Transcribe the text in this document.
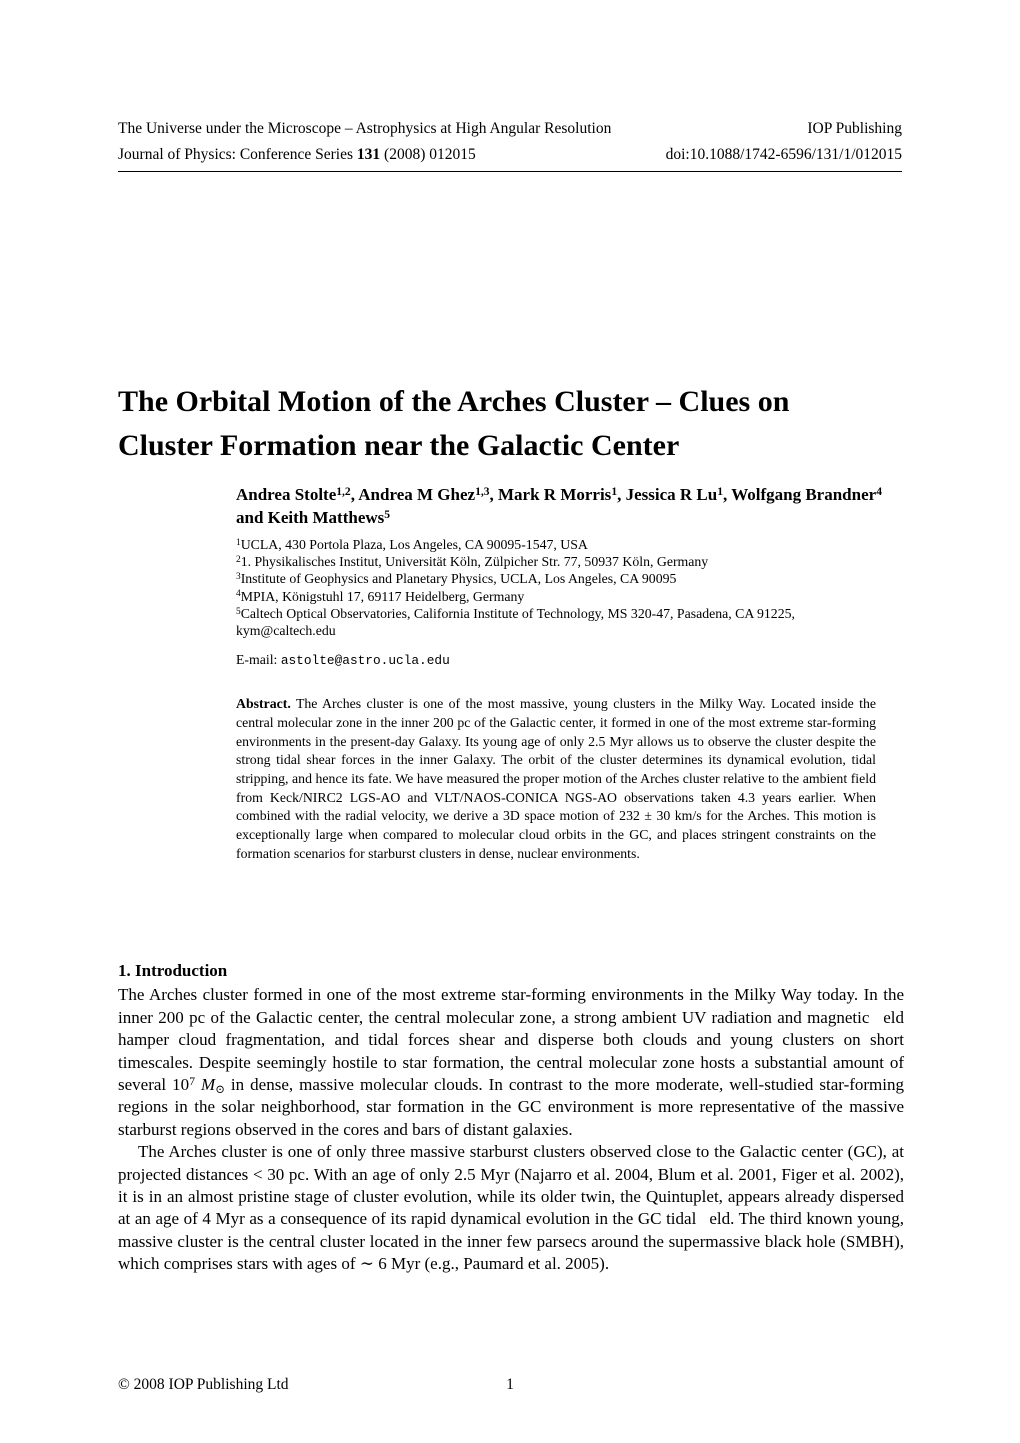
The Universe under the Microscope – Astrophysics at High Angular Resolution	IOP Publishing
Journal of Physics: Conference Series 131 (2008) 012015	doi:10.1088/1742-6596/131/1/012015
The Orbital Motion of the Arches Cluster – Clues on
Cluster Formation near the Galactic Center
Andrea Stolte$^{1,2}$, Andrea M Ghez$^{1,3}$, Mark R Morris$^1$, Jessica R Lu$^1$, Wolfgang Brandner$^4$ and Keith Matthews$^5$

$^1$UCLA, 430 Portola Plaza, Los Angeles, CA 90095-1547, USA

$^2$1. Physikalisches Institut, Universität Köln, Zülpicher Str. 77, 50937 Köln, Germany

$^3$Institute of Geophysics and Planetary Physics, UCLA, Los Angeles, CA 90095

$^4$MPIA, Königstuhl 17, 69117 Heidelberg, Germany

$^5$Caltech Optical Observatories, California Institute of Technology, MS 320-47, Pasadena, CA 91225, kym@caltech.edu

E-mail: astolte@astro.ucla.edu
Abstract. The Arches cluster is one of the most massive, young clusters in the Milky Way. Located inside the central molecular zone in the inner 200 pc of the Galactic center, it formed in one of the most extreme star-forming environments in the present-day Galaxy. Its young age of only 2.5 Myr allows us to observe the cluster despite the strong tidal shear forces in the inner Galaxy. The orbit of the cluster determines its dynamical evolution, tidal stripping, and hence its fate. We have measured the proper motion of the Arches cluster relative to the ambient field from Keck/NIRC2 LGS-AO and VLT/NAOS-CONICA NGS-AO observations taken 4.3 years earlier. When combined with the radial velocity, we derive a 3D space motion of 232 ± 30 km/s for the Arches. This motion is exceptionally large when compared to molecular cloud orbits in the GC, and places stringent constraints on the formation scenarios for starburst clusters in dense, nuclear environments.
1. Introduction

The Arches cluster formed in one of the most extreme star-forming environments in the Milky Way today. In the inner 200 pc of the Galactic center, the central molecular zone, a strong ambient UV radiation and magnetic  eld hamper cloud fragmentation, and tidal forces shear and disperse both clouds and young clusters on short timescales. Despite seemingly hostile to star formation, the central molecular zone hosts a substantial amount of several $10^7$ $M_⊙$ in dense, massive molecular clouds. In contrast to the more moderate, well-studied star-forming regions in the solar neighborhood, star formation in the GC environment is more representative of the massive starburst regions observed in the cores and bars of distant galaxies.

The Arches cluster is one of only three massive starburst clusters observed close to the Galactic center (GC), at projected distances < 30 pc. With an age of only 2.5 Myr (Najarro et al. 2004, Blum et al. 2001, Figer et al. 2002), it is in an almost pristine stage of cluster evolution, while its older twin, the Quintuplet, appears already dispersed at an age of 4 Myr as a consequence of its rapid dynamical evolution in the GC tidal  eld. The third known young, massive cluster is the central cluster located in the inner few parsecs around the supermassive black hole (SMBH), which comprises stars with ages of ∼ 6 Myr (e.g., Paumard et al. 2005).

© 2008 IOP Publishing Ltd	1
